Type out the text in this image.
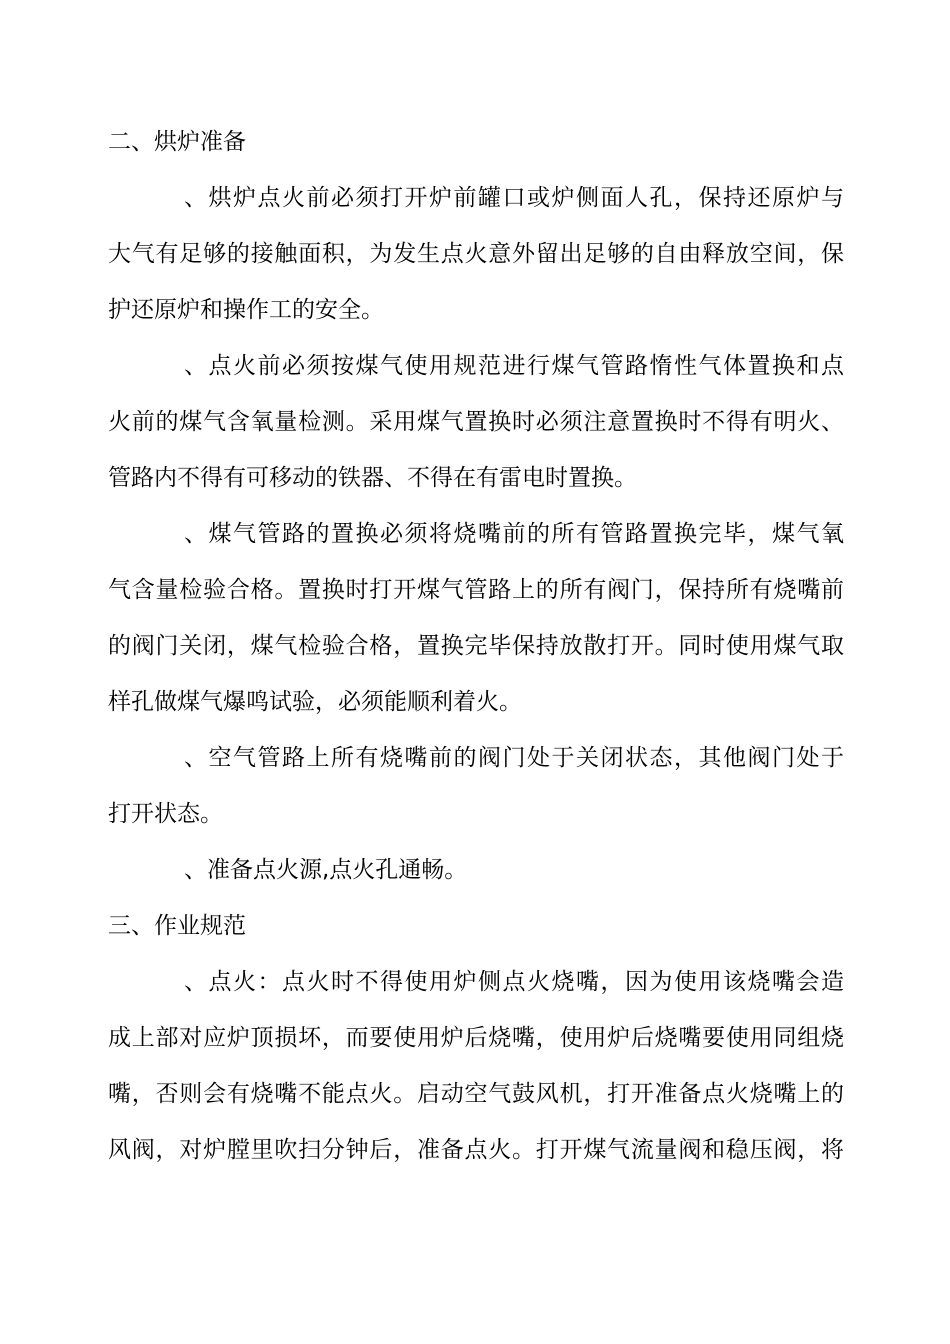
二、烘炉准备
、烘炉点火前必须打开炉前罐口或炉侧面人孔，保持还原炉与
大气有足够的接触面积，为发生点火意外留出足够的自由释放空间，保
护还原炉和操作工的安全。
、点火前必须按煤气使用规范进行煤气管路惰性气体置换和点
火前的煤气含氧量检测。采用煤气置换时必须注意置换时不得有明火、
管路内不得有可移动的铁器、不得在有雷电时置换。
、煤气管路的置换必须将烧嘴前的所有管路置换完毕，煤气氧
气含量检验合格。置换时打开煤气管路上的所有阀门，保持所有烧嘴前
的阀门关闭，煤气检验合格，置换完毕保持放散打开。同时使用煤气取
样孔做煤气爆鸣试验，必须能顺利着火。
、空气管路上所有烧嘴前的阀门处于关闭状态，其他阀门处于
打开状态。
、准备点火源,点火孔通畅。
三、作业规范
、点火：点火时不得使用炉侧点火烧嘴，因为使用该烧嘴会造
成上部对应炉顶损坏，而要使用炉后烧嘴，使用炉后烧嘴要使用同组烧
嘴，否则会有烧嘴不能点火。启动空气鼓风机，打开准备点火烧嘴上的
风阀，对炉膛里吹扫分钟后，准备点火。打开煤气流量阀和稳压阀，将
